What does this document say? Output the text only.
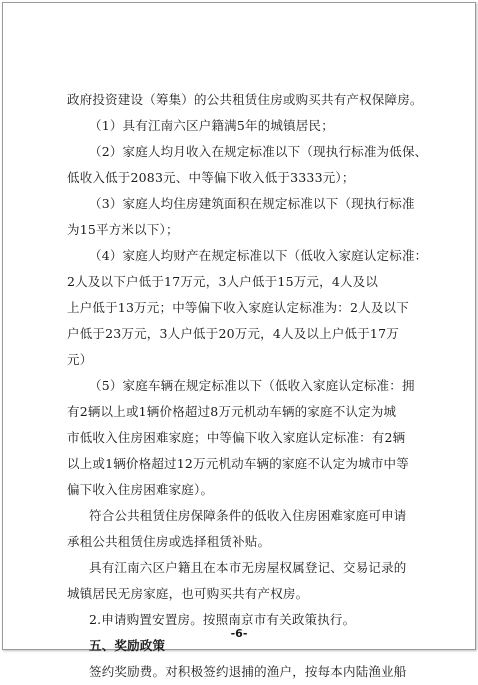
政府投资建设（筹集）的公共租赁住房或购买共有产权保障房。
（1）具有江南六区户籍满5年的城镇居民；
（2）家庭人均月收入在规定标准以下（现执行标准为低保、
低收入低于2083元、中等偏下收入低于3333元）；
（3）家庭人均住房建筑面积在规定标准以下（现执行标准
为15平方米以下）；
（4）家庭人均财产在规定标准以下（低收入家庭认定标准：
2人及以下户低于17万元，3人户低于15万元，4人及以
上户低于13万元；中等偏下收入家庭认定标准为：2人及以下
户低于23万元，3人户低于20万元，4人及以上户低于17万
元）
（5）家庭车辆在规定标准以下（低收入家庭认定标准：拥
有2辆以上或1辆价格超过8万元机动车辆的家庭不认定为城
市低收入住房困难家庭；中等偏下收入家庭认定标准：有2辆
以上或1辆价格超过12万元机动车辆的家庭不认定为城市中等
偏下收入住房困难家庭）。
符合公共租赁住房保障条件的低收入住房困难家庭可申请
承租公共租赁住房或选择租赁补贴。
具有江南六区户籍且在本市无房屋权属登记、交易记录的
城镇居民无房家庭，也可购买共有产权房。
2.申请购置安置房。按照南京市有关政策执行。
五、奖励政策
签约奖励费。对积极签约退捕的渔户，按每本内陆渔业船
-6-
